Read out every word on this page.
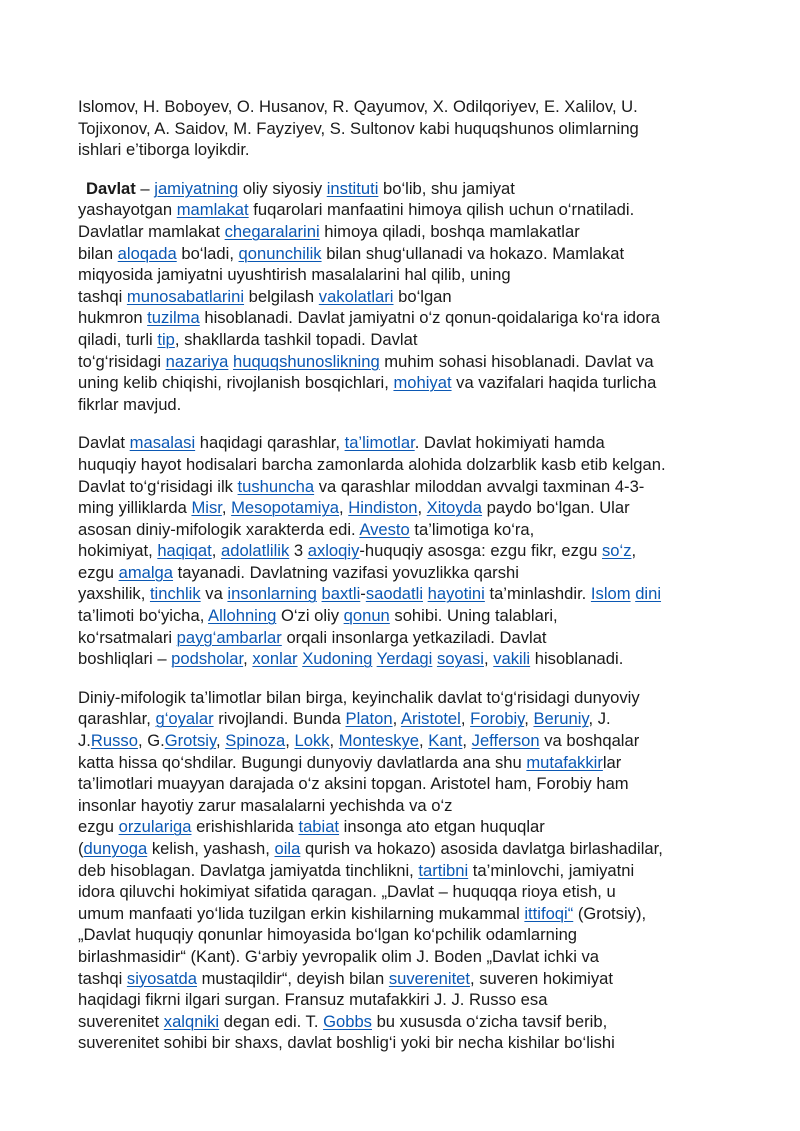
Islomov, H. Boboyev, O. Husanov, R. Qayumov, X. Odilqoriyev, E. Xalilov, U.
Tojixonov, A. Saidov, M. Fayziyev, S. Sultonov kabi huquqshunos olimlarning
ishlari e’tiborga loyikdir.
Davlat – jamiyatning oliy siyosiy instituti bo‘lib, shu jamiyat
yashayotgan mamlakat fuqarolari manfaatini himoya qilish uchun o‘rnatiladi.
Davlatlar mamlakat chegaralarini himoya qiladi, boshqa mamlakatlar
bilan aloqada bo‘ladi, qonunchilik bilan shug‘ullanadi va hokazo. Mamlakat
miqyosida jamiyatni uyushtirish masalalarini hal qilib, uning
tashqi munosabatlarini belgilash vakolatlari bo‘lgan
hukmron tuzilma hisoblanadi. Davlat jamiyatni o‘z qonun-qoidalariga ko‘ra idora
qiladi, turli tip, shakllarda tashkil topadi. Davlat
to‘g‘risidagi nazariya huquqshunoslikning muhim sohasi hisoblanadi. Davlat va
uning kelib chiqishi, rivojlanish bosqichlari, mohiyat va vazifalari haqida turlicha
fikrlar mavjud.
Davlat masalasi haqidagi qarashlar, ta’limotlar. Davlat hokimiyati hamda
huquqiy hayot hodisalari barcha zamonlarda alohida dolzarblik kasb etib kelgan.
Davlat to‘g‘risidagi ilk tushuncha va qarashlar miloddan avvalgi taxminan 4-3-
ming yilliklarda Misr, Mesopotamiya, Hindiston, Xitoyda paydo bo‘lgan. Ular
asosan diniy-mifologik xarakterda edi. Avesto ta’limotiga ko‘ra,
hokimiyat, haqiqat, adolatlilik 3 axloqiy-huquqiy asosga: ezgu fikr, ezgu so‘z,
ezgu amalga tayanadi. Davlatning vazifasi yovuzlikka qarshi
yaxshilik, tinchlik va insonlarning baxtli-saodatli hayotini ta’minlashdir. Islom dini
ta’limoti bo‘yicha, Allohning O‘zi oliy qonun sohibi. Uning talablari,
ko‘rsatmalari payg‘ambarlar orqali insonlarga yetkaziladi. Davlat
boshliqlari – podsholar, xonlar Xudoning Yerdagi soyasi, vakili hisoblanadi.
Diniy-mifologik ta’limotlar bilan birga, keyinchalik davlat to‘g‘risidagi dunyoviy
qarashlar, g‘oyalar rivojlandi. Bunda Platon, Aristotel, Forobiy, Beruniy, J.
J.Russo, G.Grotsiy, Spinoza, Lokk, Monteskye, Kant, Jefferson va boshqalar
katta hissa qo‘shdilar. Bugungi dunyoviy davlatlarda ana shu mutafakkirlar
ta’limotlari muayyan darajada o‘z aksini topgan. Aristotel ham, Forobiy ham
insonlar hayotiy zarur masalalarni yechishda va o‘z
ezgu orzulariga erishishlarida tabiat insonga ato etgan huquqlar
(dunyoga kelish, yashash, oila qurish va hokazo) asosida davlatga birlashadilar,
deb hisoblagan. Davlatga jamiyatda tinchlikni, tartibni ta’minlovchi, jamiyatni
idora qiluvchi hokimiyat sifatida qaragan. „Davlat – huquqqa rioya etish, u
umum manfaati yo‘lida tuzilgan erkin kishilarning mukammal ittifoqi“ (Grotsiy),
„Davlat huquqiy qonunlar himoyasida bo‘lgan ko‘pchilik odamlarning
birlashmasidir“ (Kant). G‘arbiy yevropalik olim J. Boden „Davlat ichki va
tashqi siyosatda mustaqildir“, deyish bilan suverenitet, suveren hokimiyat
haqidagi fikrni ilgari surgan. Fransuz mutafakkiri J. J. Russo esa
suverenitet xalqniki degan edi. T. Gobbs bu xususda o‘zicha tavsif berib,
suverenitet sohibi bir shaxs, davlat boshlig‘i yoki bir necha kishilar bo‘lishi
